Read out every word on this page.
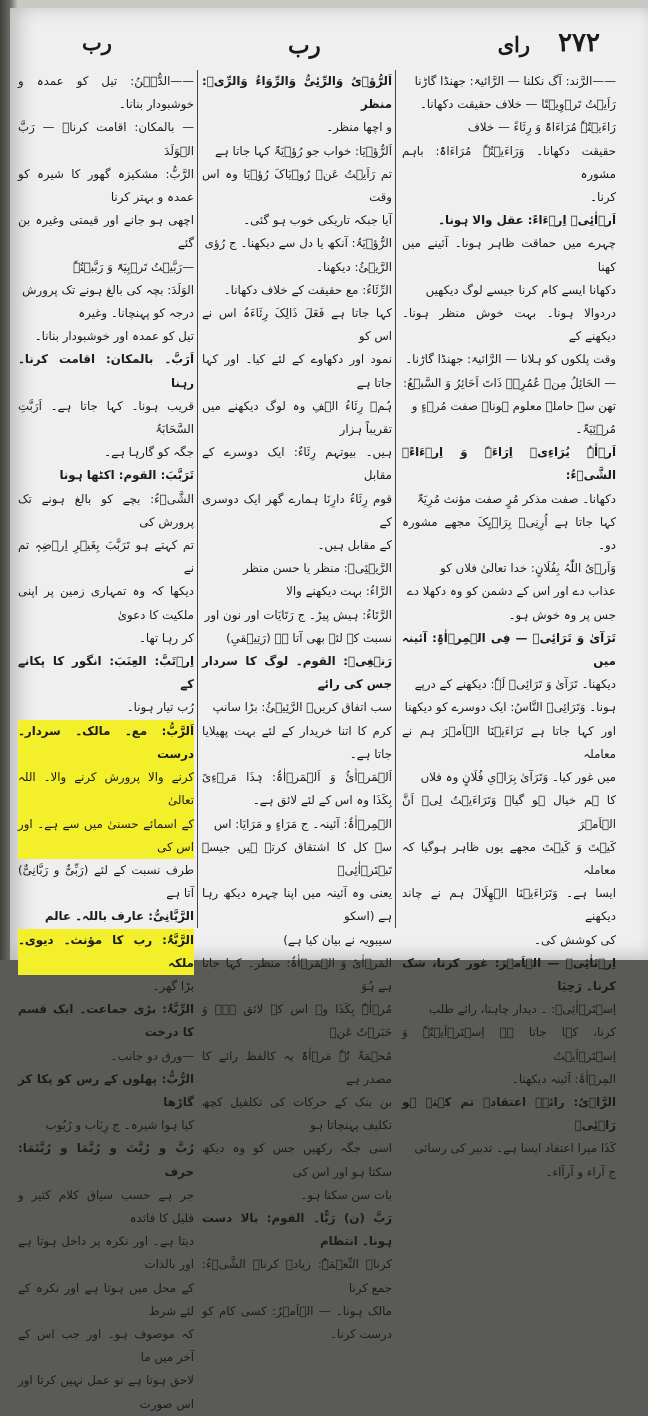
۲۷۲
رای
رب
رب
——الرَّند: آگ نکلنا — الرَّائیۃ: جھنڈا گاڑنا
رَاَیۡتُ تَرۡوِیۡتًا — خلاف حقیقت دکھانا۔
رَاءَیۡتُہٗ مُرَاءَاۃً وَ رِئَاءً — خلاف
حقیقت دکھانا۔ وَرَاءَیۡتُہٗ مُرَاءَاۃً: باہم مشورہ
کرنا۔
اَرۡاٰئِیۡ اِرۡءَاءً: عقل والا ہونا۔
چہرے میں حماقت ظاہر ہونا۔ آئینے میں کھنا
دکھانا ایسے کام کرنا جیسے لوگ دیکھیں
دردوالا ہونا۔ بہت خوش منظر ہونا۔ دیکھنے کے
وقت پلکوں کو ہلانا — الرَّائیۃ: جھنڈا گاڑنا۔
— الحَائِلُ مِنۡ عُمُرِہٖ ذَاتَ اَحَائِرُ وَ السَّبۡعُ:
تھن سے حاملہ معلوم ہونا۔ صفت مُرۡءٍ و
مُرۡئِیَۃٌ۔
اَرۡاٰہُ یُرَاءِیۡ اِرَاءَۃً وَ اِرۡءَاءً۔ الشَّیۡءُ:
دکھانا۔ صفت مذکر مُرٍ صفت مؤنث مُرِیَۃٌ
کہا جاتا ہے اُرِنِیۡ بِرَاۡیِکَ مجھے مشورہ دو۔
وَاَرۡیُ اللّٰہُ بِفُلَانٍ: خدا تعالیٰ فلاں کو
عذاب دے اور اس کے دشمن کو وہ دکھلا دے
جس پر وہ خوش ہو۔
تَرَآیٰ وَ تَرَائِیۡ — فِی الۡمِرۡاٰۃِ: آئینہ میں
دیکھنا۔ تَرَآیٰ وَ تَرَائِیۡ لَہٗ: دیکھنے کے درپے
ہونا۔ وَتَرَائِیۡ النَّاسُ: ایک دوسرے کو دیکھنا
اور کہا جاتا ہے تَرَاءَیۡنَا الۡاَمۡرَ ہم نے معاملہ
میں غور کیا۔ وَتَرَآیٰ بِرَاۡیِ فُلَانٍ وہ فلاں
کا ہم خیال ہو گیا۔ وَتَرَاءَیۡتُ لِیۡ اَنَّ الۡاَمۡرَ
کَیۡتَ وَ کَیۡتَ مجھے یوں ظاہر ہوگیا کہ معاملہ
ایسا ہے۔ وَتَرَاءَیۡنَا الۡهِلَالَ ہم نے چاند دیکھنے
کی کوشش کی۔
اِرۡتَاٰئِیۡ — الۡاَمۡرَ: غور کرنا، شک کرنا۔ رَحِیَا
اِسۡتَرۡاٰئِیۡ: ۔ دیدار چاہنا، رائے طلب
کرنا، کہا جاتا ہے اِسۡتَرۡاَیۡتُہٗ وَ اِسۡتَرۡاَیۡتُ
المِرۡاٰۃَ: آئینہ دیکھنا۔
الرَّاۡیُ: رائے۔ اعتقاد۔ تم کہتے ہو رَاۡئِیۡ
کَذَا میرا اعتقاد ایسا ہے۔ تدبیر کی رسائی
ج آراء و آرآاء۔
اَلرُّؤۡیُ وَالرِّئِیُّ وَالرِّوَاءُ وَالرِّیۡ: منظر
و اچھا منظر۔
اَلرُّؤۡیَا: خواب جو رُؤۡیَۃٌ کہا جاتا ہے
تم رَاَیۡتُ عَنۡ رُوۡیَاکَ رُؤۡیَا وہ اس وقت
آیا جبکہ تاریکی خوب ہو گئی۔
الرُّؤۡیَۃُ: آنکھ یا دل سے دیکھنا۔ ج رُؤی
الرَّیۡئُ: دیکھنا۔
الرِّئَاءُ: مع حقیقت کے خلاف دکھانا۔
کہا جاتا ہے فَعَلَ ذَالِکَ رِئَاءَہُ اس نے اس کو
نمود اور دکھاوے کے لئے کیا۔ اور کہا جاتا ہے
ہُمۡ رِئَاءُ الۡفِ وہ لوگ دیکھنے میں تقریباً ہزار
ہیں۔ بیوتہم رِئَاءٌ: ایک دوسرے کے مقابل
قوم رِئَاءُ دارِنَا ہمارے گھر ایک دوسری کے
کے مقابل ہیں۔
الرَّیۡئِیۡ: منظر یا حسن منظر
الرَّاءُ: بہت دیکھنے والا
الرَّتَاءُ: ہیش پیڑ۔ ج رَتَایَات اور نون اور
نسبت کے لئے بھی آتا ہے (رَتِیۡقیِ)
رَنۡغِیۡ: القوم۔ لوگ کا سردار جس کی رائے
سب اتفاق کریں۔ الرَّئِیۡئُ: بڑا سانپ
کرم کا اتنا خریدار کے لئے بہت پھیلایا جاتا ہے۔
اَلۡمَرۡاٰئُ وَ اَلۡمَرۡاٰۃُ: ہٰذَا مَرۡءِیً بِکَذَا وہ اس کے لئے لائق ہے۔
الۡمِرۡاٰۃُ: آئینہ۔ ج مَرَاءٍ و مَرَایَا: اس
سے کل کا اشتقاق کرتے ہیں جیسے تَبۡتَرۡاٰئِیۡ
یعنی وہ آئینہ میں اپنا چہرہ دیکھ رہا ہے (اسکو
سیبویہ نے بیان کیا ہے)
المَرۡاٰیُ وَ الۡمَرۡاٰۃُ: منظر۔ کہا جاتا ہے ہُوَ
مُرۡاٰۃٌ بِکَذَا وہ اس کے لائق ہے۔ وَ حَبَرۡتُ عَنۡ
مُحۡمَۃٌ تُہٗ مَرۡاٰۃً یہ کالفظ رائے کا مصدر ہے
بن بنک کے حرکات کی تکلفیل کچھ تکلیف پہنچاتا ہو
اسی جگہ رکھیں جس کو وہ دیکھ سکتا ہو اور اس کی
بات سن سکتا ہو۔
رَبَّ (ن) رَبًّا۔ القوم: بالا دست ہونا۔ انتظام
کرنا۔ النِّعۡمَۃُ: زیادہ کرنا۔ الشَّیۡءُ: جمع کرنا
مالک ہونا۔ — الۡاَمۡرُ: کسی کام کو درست کرنا۔
——الدُّہۡنُ: تیل کو عمدہ و خوشبودار بنانا۔
— بالمکان: اقامت کرنا۔ — رَبَّ الۡوَلَدَ
الرَّبُّ: مشکیزہ گھور کا شیرہ کو عمدہ و بہتر کرنا
اچھی ہو جانے اور قیمتی وغیرہ بن گئے
—رَبَّیۡتُ تَرۡبِیَۃً وَ رَبَّبۡتُہٗ
الوَلَدَ: بچہ کی بالغ ہونے تک پرورش
درجہ کو پہنچانا۔ وغیرہ
تیل کو عمدہ اور خوشبودار بنانا۔
اَرَبَّ۔ بالمکان: اقامت کرنا۔ رہنا
قریب ہونا۔ کہا جاتا ہے۔ اَرَبَّتِ السَّحَابَۃُ
جگہ کو گارہا ہے۔
تَرَبَّبَ: القوم: اکٹھا ہونا
الشَّیۡءُ: بچے کو بالغ ہونے تک پرورش کی
تم کہتے ہو تَرَبَّبَ بِغَیۡرِ اِرۡضِہٖ تم نے
دیکھا کہ وہ تمہاری زمین پر اپنی ملکیت کا دعویٰ
کر رہا تھا۔
اِرۡتَبَّ: العِنَبَ: انگور کا پکانے کے
رُب تیار ہونا۔
اَلرَّبُّ: مع۔ مالک۔ سردار۔ درست
کرنے والا پرورش کرنے والا۔ اللہ تعالیٰ
کے اسمائے حسنیٰ میں سے ہے۔ اور اس کی
طرف نسبت کے لئے (رَبِّیٌّ و رَبَّانِیٌّ) آتا ہے
الرَّبَّانِیُّ: عارف باللہ۔ عالم
الرَّبَّۃُ: رب کا مؤنث۔ دیوی۔ ملکہ
بڑا گھر۔
الرِّبَّۃُ: بڑی جماعت۔ ایک قسم کا درخت
—ورق دو جانب۔
الرُّبُّ: پھلوں کے رس کو پکا کر گاڑھا
کیا ہوا شیرہ۔ ج رِبَاب و رُبُوب
رُبَّ و رُبَّتَ و رُبَّمَا و رُبَّتَمَا: حرف
جر ہے حسب سیاق کلام کثیر و قلیل کا فائدہ
دیتا ہے۔ اور نکرہ پر داخل ہوتا ہے اور بالذات
کے محل میں ہوتا ہے اور نکرہ کے لئے شرط
کہ موصوف ہو۔ اور جب اس کے آخر میں ما
لاحق ہوتا ہے تو عمل نہیں کرتا اور اس صورت
